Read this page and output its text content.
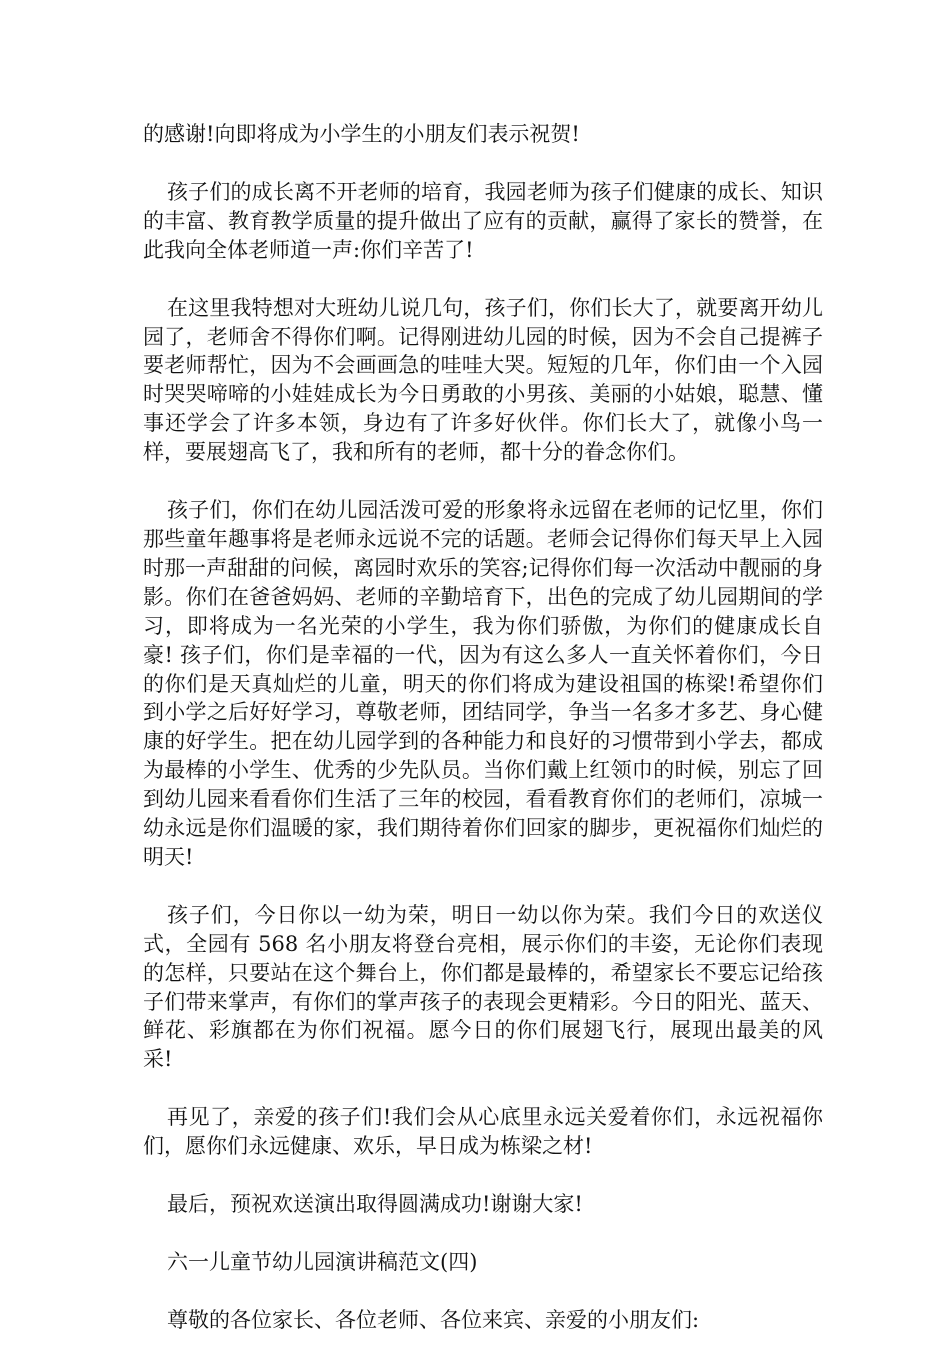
的感谢!向即将成为小学生的小朋友们表示祝贺!

孩子们的成长离不开老师的培育，我园老师为孩子们健康的成长、知识的丰富、教育教学质量的提升做出了应有的贡献，赢得了家长的赞誉，在此我向全体老师道一声:你们辛苦了!

在这里我特想对大班幼儿说几句，孩子们，你们长大了，就要离开幼儿园了，老师舍不得你们啊。记得刚进幼儿园的时候，因为不会自己提裤子要老师帮忙，因为不会画画急的哇哇大哭。短短的几年，你们由一个入园时哭哭啼啼的小娃娃成长为今日勇敢的小男孩、美丽的小姑娘，聪慧、懂事还学会了许多本领，身边有了许多好伙伴。你们长大了，就像小鸟一样，要展翅高飞了，我和所有的老师，都十分的眷念你们。

孩子们，你们在幼儿园活泼可爱的形象将永远留在老师的记忆里，你们那些童年趣事将是老师永远说不完的话题。老师会记得你们每天早上入园时那一声甜甜的问候，离园时欢乐的笑容;记得你们每一次活动中靓丽的身影。你们在爸爸妈妈、老师的辛勤培育下，出色的完成了幼儿园期间的学习，即将成为一名光荣的小学生，我为你们骄傲，为你们的健康成长自豪! 孩子们，你们是幸福的一代，因为有这么多人一直关怀着你们，今日的你们是天真灿烂的儿童，明天的你们将成为建设祖国的栋梁!希望你们到小学之后好好学习，尊敬老师，团结同学，争当一名多才多艺、身心健康的好学生。把在幼儿园学到的各种能力和良好的习惯带到小学去，都成为最棒的小学生、优秀的少先队员。当你们戴上红领巾的时候，别忘了回到幼儿园来看看你们生活了三年的校园，看看教育你们的老师们，凉城一幼永远是你们温暖的家，我们期待着你们回家的脚步，更祝福你们灿烂的明天!

孩子们，今日你以一幼为荣，明日一幼以你为荣。我们今日的欢送仪式，全园有 568 名小朋友将登台亮相，展示你们的丰姿，无论你们表现的怎样，只要站在这个舞台上，你们都是最棒的，希望家长不要忘记给孩子们带来掌声，有你们的掌声孩子的表现会更精彩。今日的阳光、蓝天、鲜花、彩旗都在为你们祝福。愿今日的你们展翅飞行，展现出最美的风采!

再见了，亲爱的孩子们!我们会从心底里永远关爱着你们，永远祝福你们，愿你们永远健康、欢乐，早日成为栋梁之材!

最后，预祝欢送演出取得圆满成功!谢谢大家!

六一儿童节幼儿园演讲稿范文(四)

尊敬的各位家长、各位老师、各位来宾、亲爱的小朋友们:
